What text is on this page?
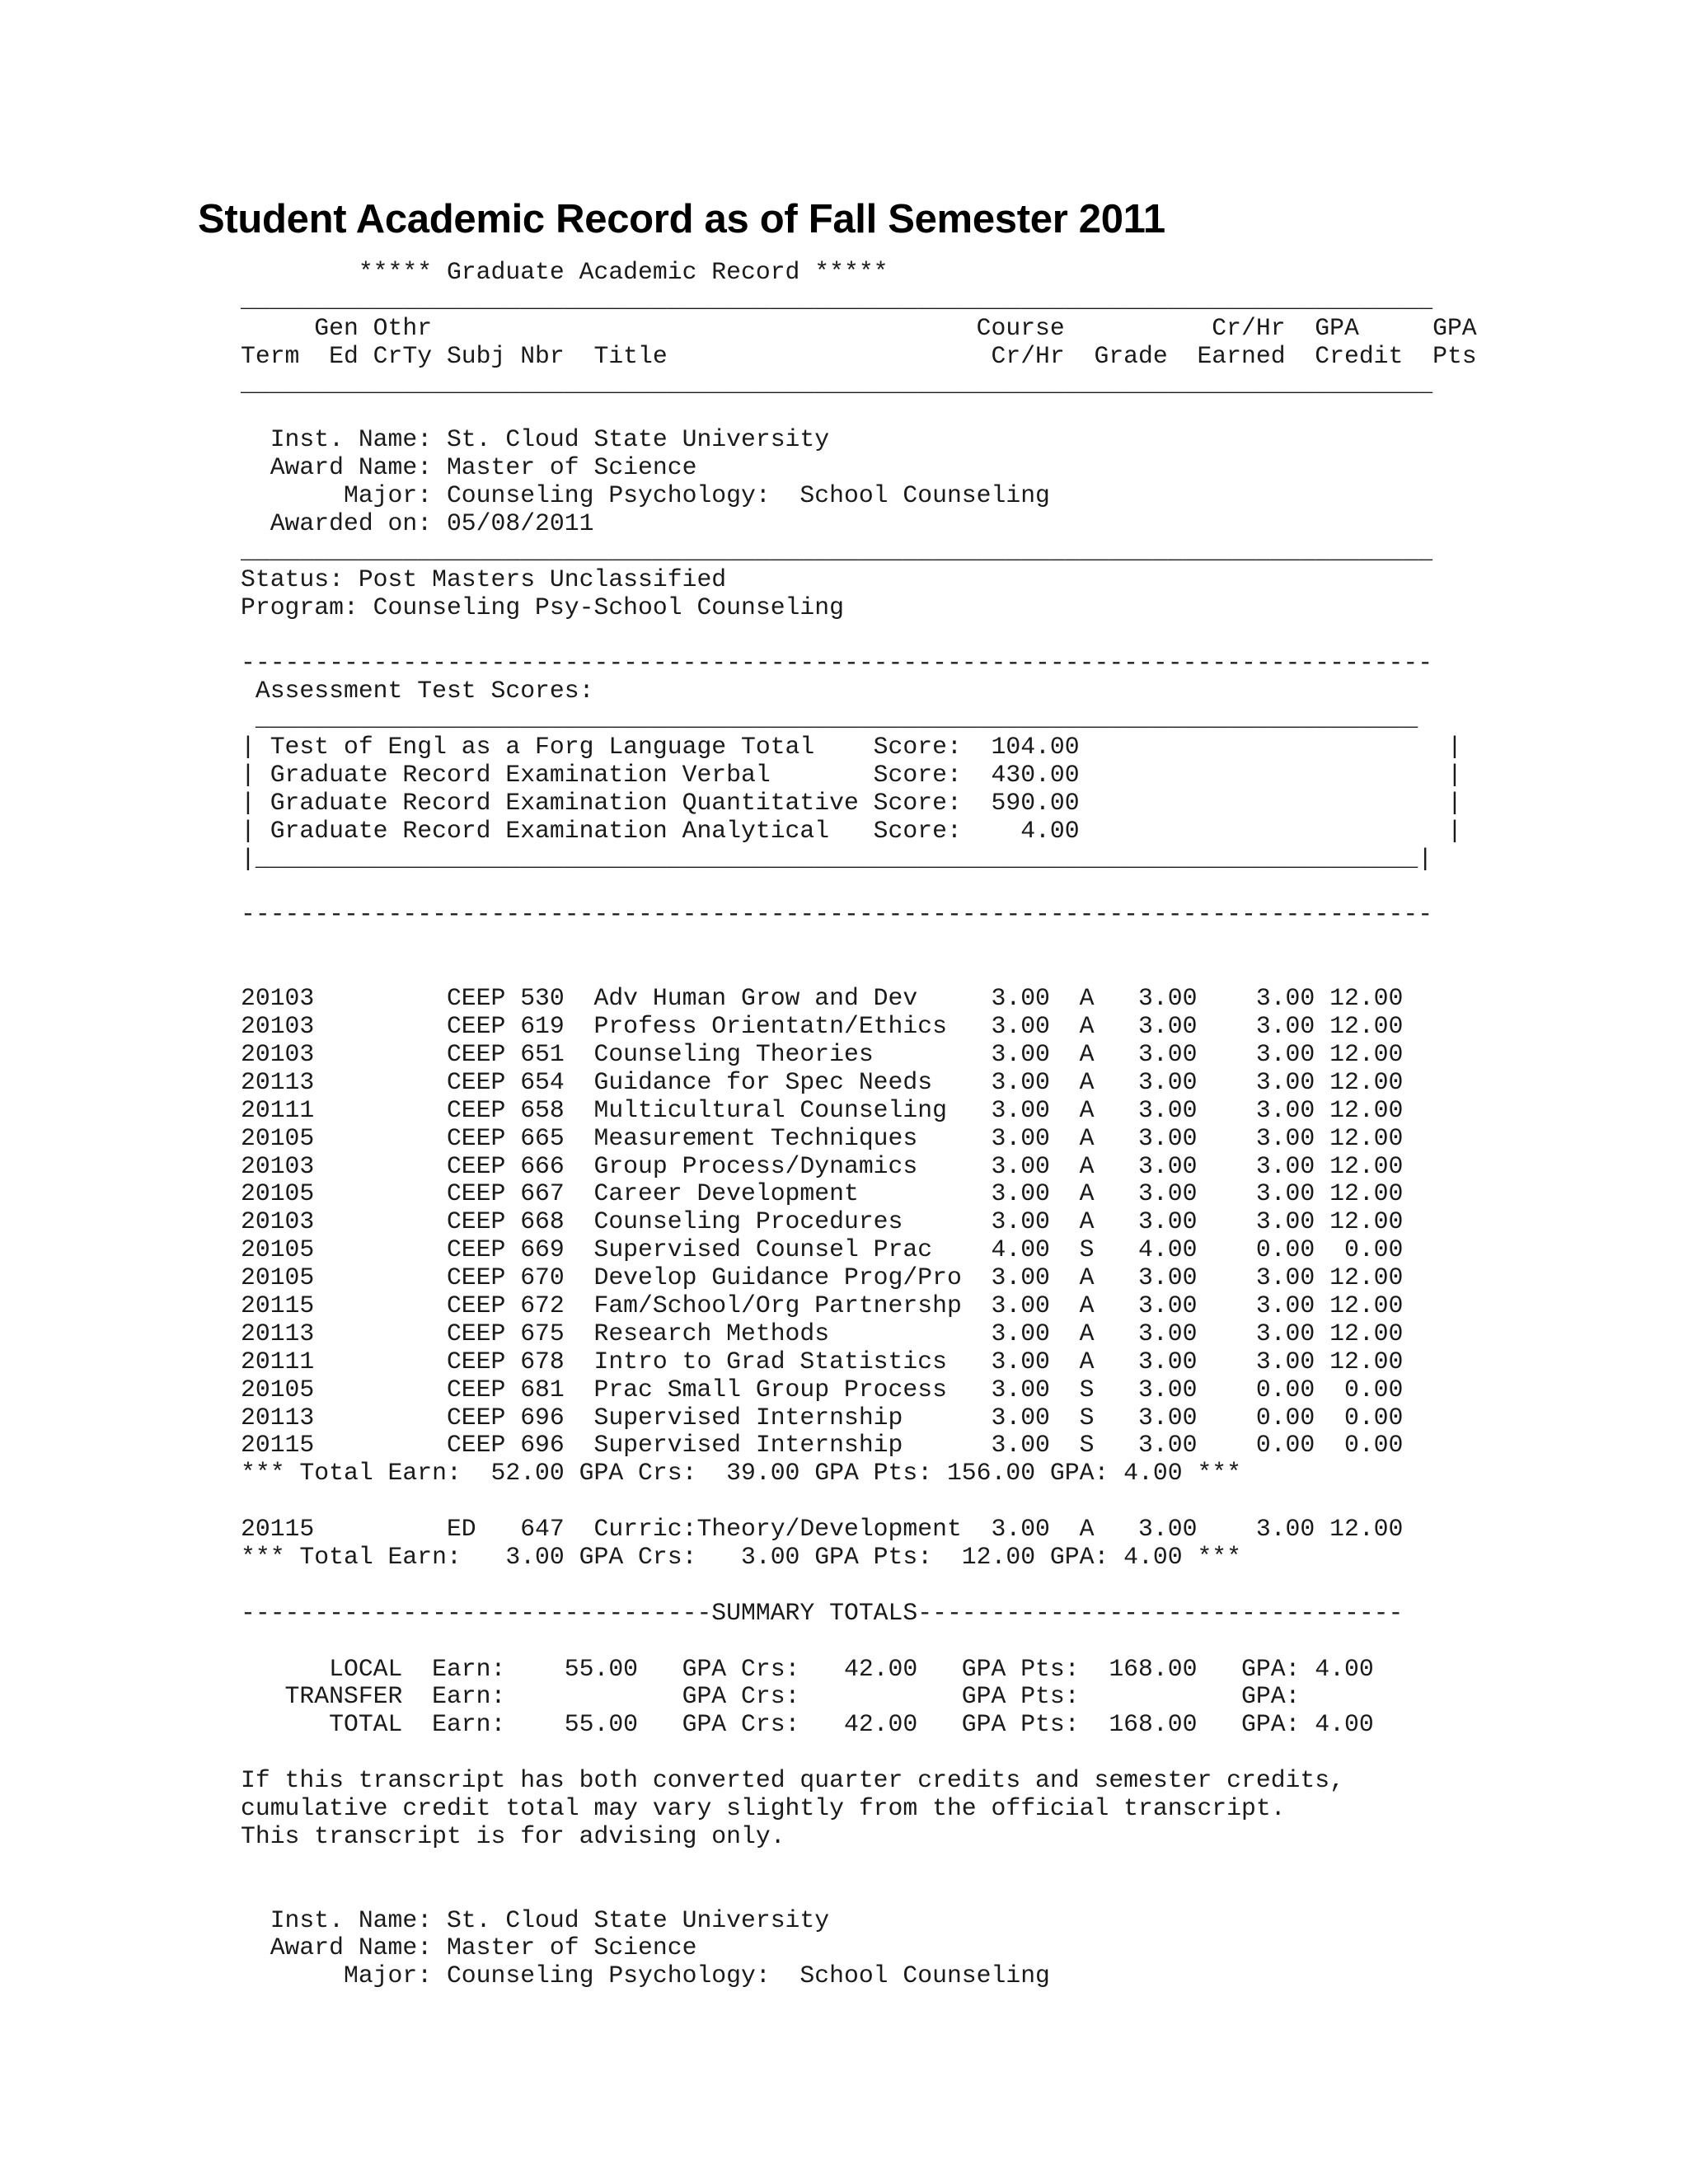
Student Academic Record as of Fall Semester 2011
***** Graduate Academic Record *****
_________________________________________________________________________________
Gen Othr                                     Course          Cr/Hr  GPA     GPA
Term  Ed CrTy Subj Nbr  Title                      Cr/Hr  Grade  Earned  Credit  Pts
_________________________________________________________________________________
Inst. Name: St. Cloud State University
Award Name: Master of Science
Major: Counseling Psychology:  School Counseling
Awarded on: 05/08/2011
_________________________________________________________________________________
Status: Post Masters Unclassified
Program: Counseling Psy-School Counseling
---------------------------------------------------------------------------------
Assessment Test Scores:
_______________________________________________________________________________
| Test of Engl as a Forg Language Total    Score:  104.00                         |
| Graduate Record Examination Verbal       Score:  430.00                         |
| Graduate Record Examination Quantitative Score:  590.00                         |
| Graduate Record Examination Analytical   Score:    4.00                         |
|_______________________________________________________________________________|
---------------------------------------------------------------------------------
20103         CEEP 530  Adv Human Grow and Dev     3.00  A   3.00    3.00 12.00
20103         CEEP 619  Profess Orientatn/Ethics   3.00  A   3.00    3.00 12.00
20103         CEEP 651  Counseling Theories        3.00  A   3.00    3.00 12.00
20113         CEEP 654  Guidance for Spec Needs    3.00  A   3.00    3.00 12.00
20111         CEEP 658  Multicultural Counseling   3.00  A   3.00    3.00 12.00
20105         CEEP 665  Measurement Techniques     3.00  A   3.00    3.00 12.00
20103         CEEP 666  Group Process/Dynamics     3.00  A   3.00    3.00 12.00
20105         CEEP 667  Career Development         3.00  A   3.00    3.00 12.00
20103         CEEP 668  Counseling Procedures      3.00  A   3.00    3.00 12.00
20105         CEEP 669  Supervised Counsel Prac    4.00  S   4.00    0.00  0.00
20105         CEEP 670  Develop Guidance Prog/Pro  3.00  A   3.00    3.00 12.00
20115         CEEP 672  Fam/School/Org Partnershp  3.00  A   3.00    3.00 12.00
20113         CEEP 675  Research Methods           3.00  A   3.00    3.00 12.00
20111         CEEP 678  Intro to Grad Statistics   3.00  A   3.00    3.00 12.00
20105         CEEP 681  Prac Small Group Process   3.00  S   3.00    0.00  0.00
20113         CEEP 696  Supervised Internship      3.00  S   3.00    0.00  0.00
20115         CEEP 696  Supervised Internship      3.00  S   3.00    0.00  0.00
*** Total Earn:  52.00 GPA Crs:  39.00 GPA Pts: 156.00 GPA: 4.00 ***
20115         ED   647  Curric:Theory/Development  3.00  A   3.00    3.00 12.00
*** Total Earn:   3.00 GPA Crs:   3.00 GPA Pts:  12.00 GPA: 4.00 ***
--------------------------------SUMMARY TOTALS---------------------------------
LOCAL  Earn:    55.00   GPA Crs:   42.00   GPA Pts:  168.00   GPA: 4.00
TRANSFER  Earn:            GPA Crs:           GPA Pts:           GPA:
TOTAL  Earn:    55.00   GPA Crs:   42.00   GPA Pts:  168.00   GPA: 4.00
If this transcript has both converted quarter credits and semester credits,
cumulative credit total may vary slightly from the official transcript.
This transcript is for advising only.
Inst. Name: St. Cloud State University
Award Name: Master of Science
Major: Counseling Psychology:  School Counseling
